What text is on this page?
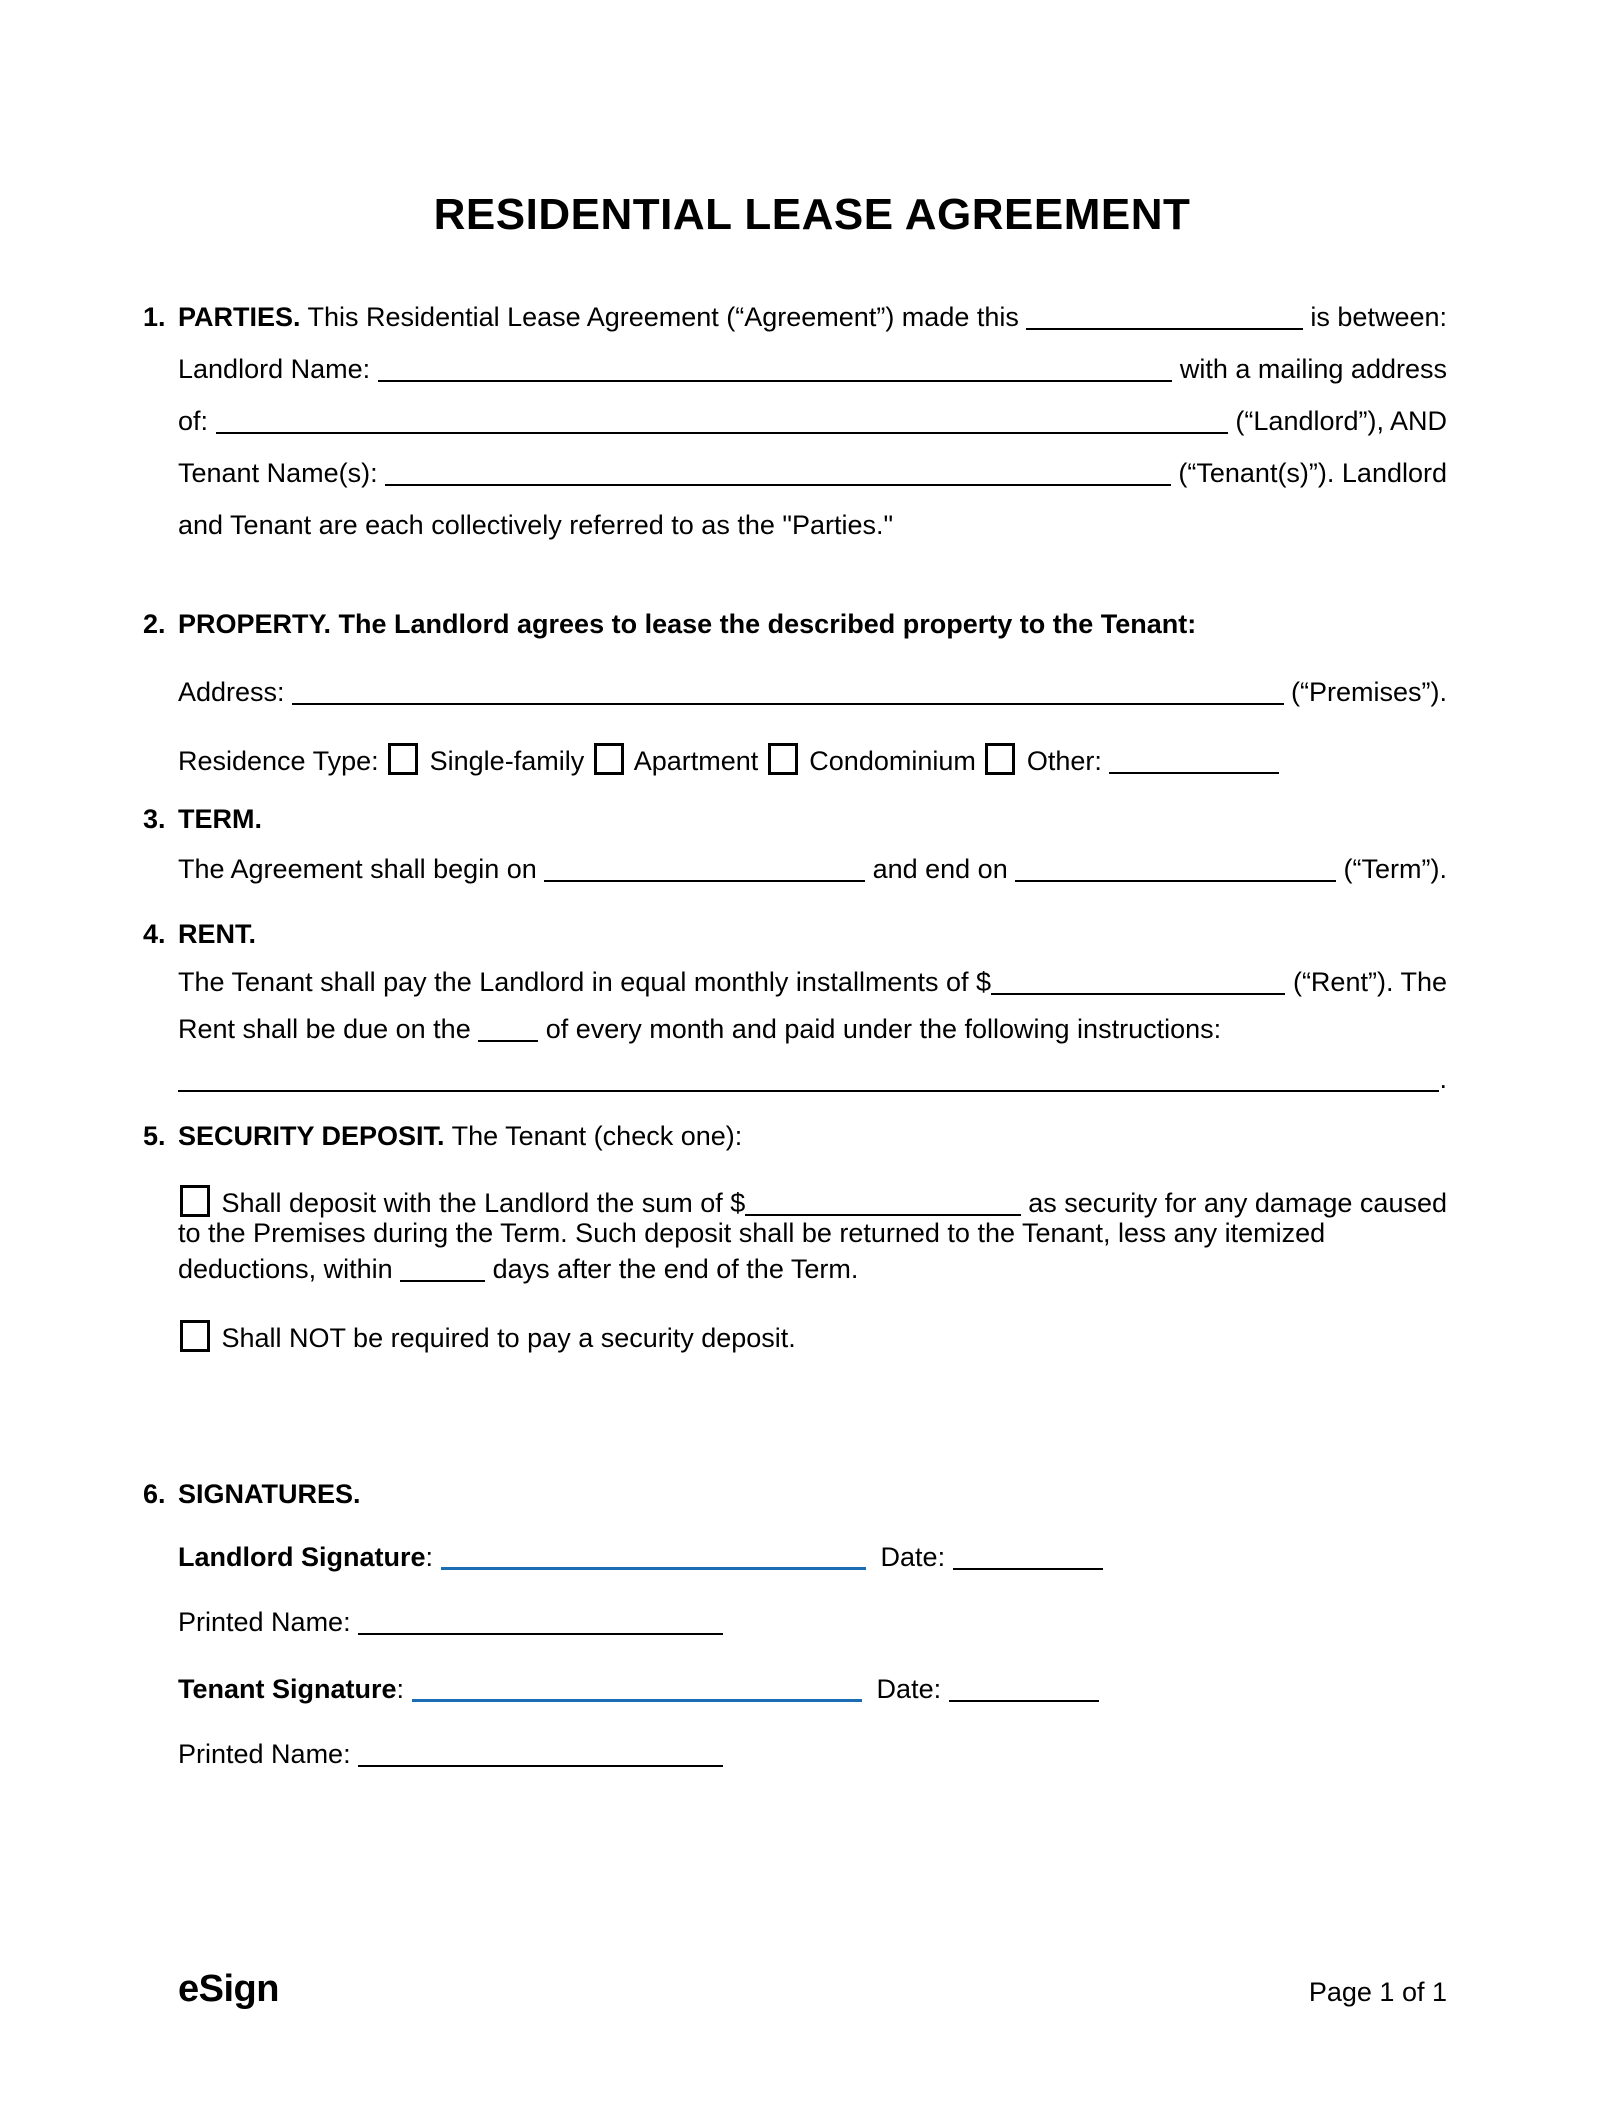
RESIDENTIAL LEASE AGREEMENT
1. PARTIES. This Residential Lease Agreement (“Agreement”) made this	is between:
Landlord Name:	with a mailing address
of:	(“Landlord”), AND
Tenant Name(s):	(“Tenant(s)”). Landlord
and Tenant are each collectively referred to as the "Parties."
2. PROPERTY. The Landlord agrees to lease the described property to the Tenant:
Address:	(“Premises”).
Residence Type: Single-family Apartment Condominium Other:
3. TERM.
The Agreement shall begin on	and end on	(“Term”).
4. RENT.
The Tenant shall pay the Landlord in equal monthly installments of $	(“Rent”). The
Rent shall be due on the of every month and paid under the following instructions:
.
5. SECURITY DEPOSIT. The Tenant (check one):
Shall deposit with the Landlord the sum of $	as security for any damage caused
to the Premises during the Term. Such deposit shall be returned to the Tenant, less any itemized
deductions, within	days after the end of the Term.
Shall NOT be required to pay a security deposit.
6. SIGNATURES.
Landlord Signature :	Date:
Printed Name:
Tenant Signature :	Date:
Printed Name:
eSign	Page 1 of 1
